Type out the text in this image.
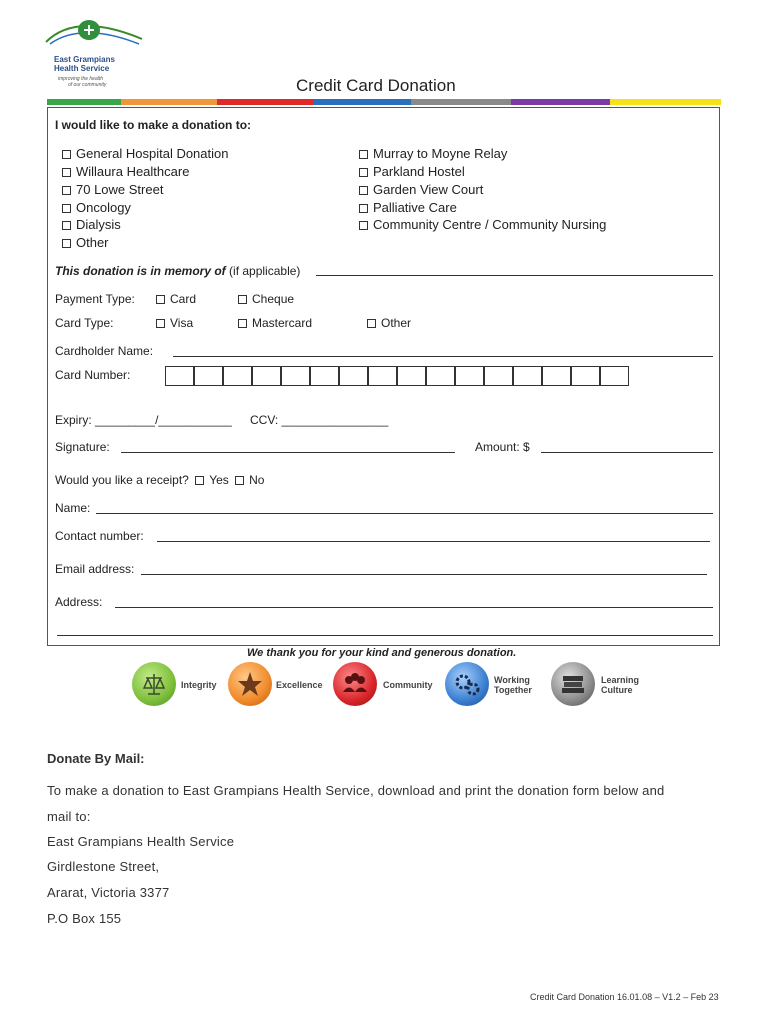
East Grampians
Health Service
improving the health
of our community	Credit Card Donation
I would like to make a donation to:
General Hospital Donation
Willaura Healthcare
70 Lowe Street
Oncology
Dialysis
Other
Murray to Moyne Relay
Parkland Hostel
Garden View Court
Palliative Care
Community Centre / Community Nursing
This donation is in memory of (if applicable)
Payment Type:	Card	Cheque
Card Type:	Visa	Mastercard	Other
Cardholder Name:
Card Number:
Expiry: _________/___________ CCV: ________________
Signature:	Amount: $
Would you like a receipt? Yes No
Name:
Contact number:
Email address:
Address:
We thank you for your kind and generous donation.
Integrity	Excellence	Community	Working
Together
Learning
Culture
Donate By Mail:
To make a donation to East Grampians Health Service, download and print the donation form below and
mail to:
East Grampians Health Service
Girdlestone Street,
Ararat, Victoria 3377
P.O Box 155
Credit Card Donation 16.01.08 – V1.2 – Feb 23
